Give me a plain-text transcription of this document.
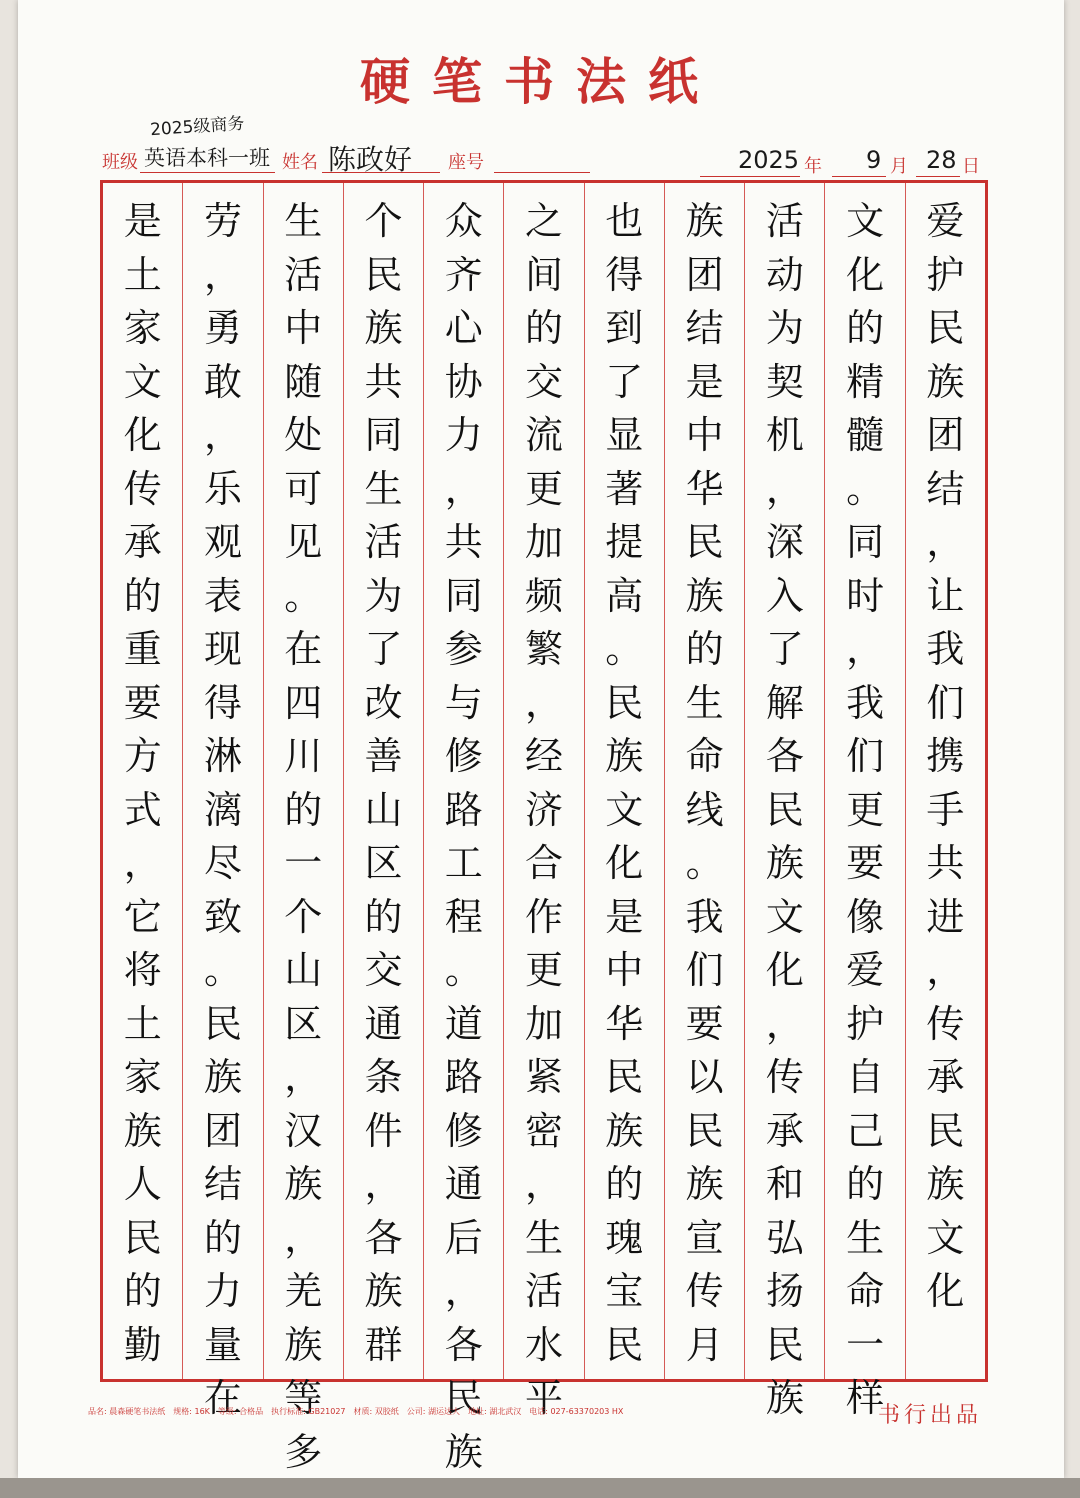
硬笔书法纸
班级
2025级商务
英语本科一班 姓名 陈政好 座号	2025 年 9 月 28 日
爱
护
民
族
团
结
，
让
我
们
携
手
共
进
，
传
承
民
族
文
化
文
化
的
精
髓
。
同
时
，
我
们
更
要
像
爱
护
自
己
的
生
命
一
样
活
动
为
契
机
，
深
入
了
解
各
民
族
文
化
，
传
承
和
弘
扬
民
族
族
团
结
是
中
华
民
族
的
生
命
线
。
我
们
要
以
民
族
宣
传
月
也
得
到
了
显
著
提
高
。
民
族
文
化
是
中
华
民
族
的
瑰
宝
民
之
间
的
交
流
更
加
频
繁
，
经
济
合
作
更
加
紧
密
，
生
活
水
平
众
齐
心
协
力
，
共
同
参
与
修
路
工
程
。
道
路
修
通
后
，
各
民
族
个
民
族
共
同
生
活
为
了
改
善
山
区
的
交
通
条
件
，
各
族
群
生
活
中
随
处
可
见
。
在
四
川
的
一
个
山
区
，
汉
族
，
羌
族
等
多
劳
，
勇
敢
，
乐
观
表
现
得
淋
漓
尽
致
。
民
族
团
结
的
力
量
在
是
土
家
文
化
传
承
的
重
要
方
式
，
它
将
土
家
族
人
民
的
勤
品名: 晨森硬笔书法纸　规格: 16K　等级: 合格品　执行标准: GB21027　材质: 双胶纸　公司: 湖运达大　地址: 湖北武汉　电话: 027-63370203 HX	书行出品
